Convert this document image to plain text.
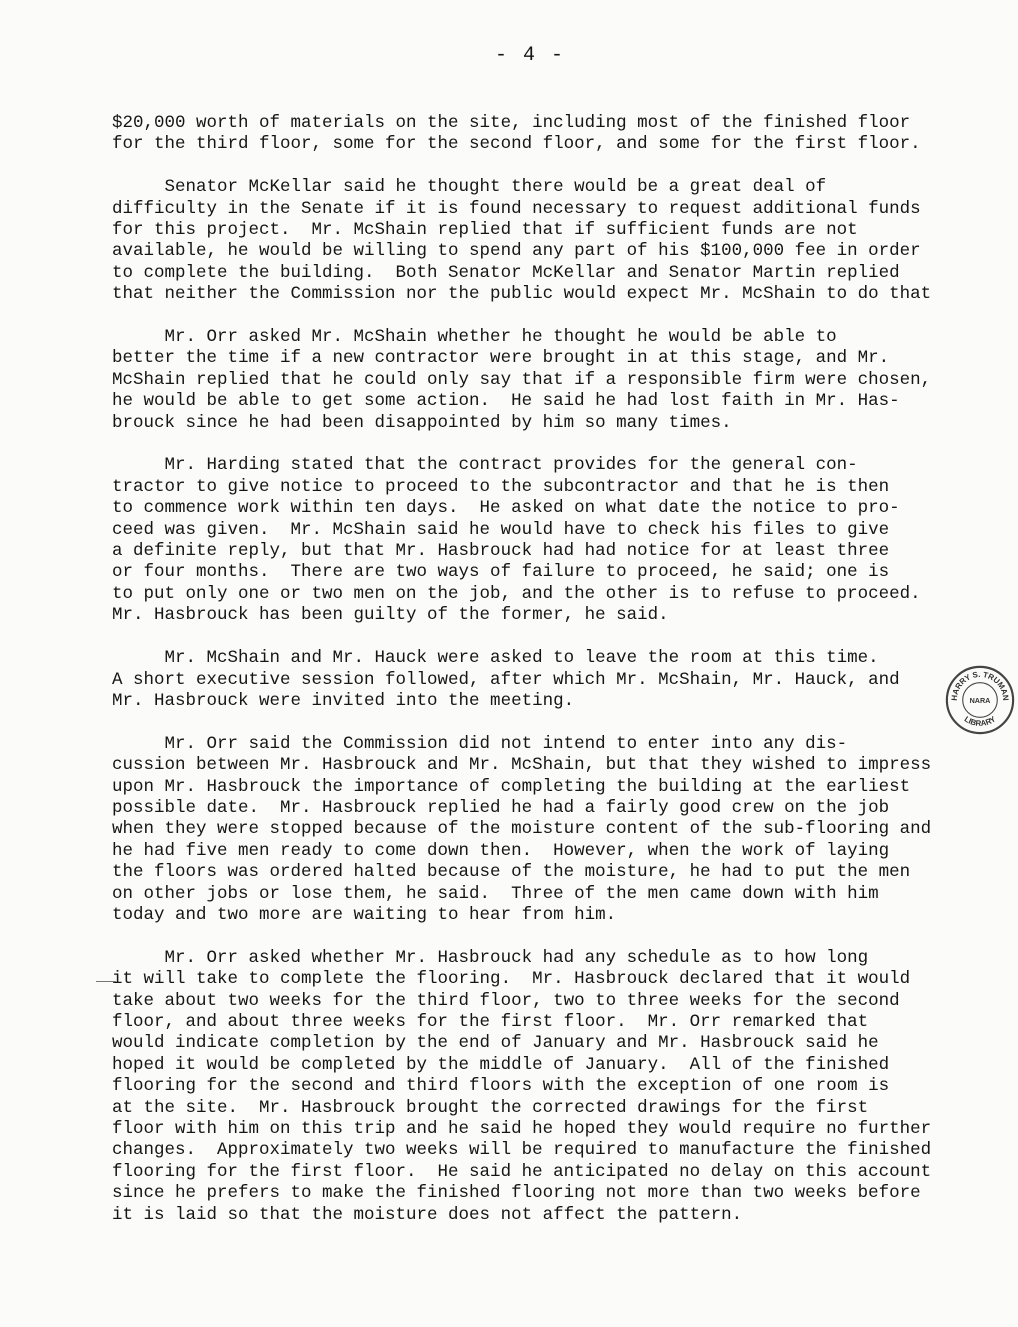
- 4 -

$20,000 worth of materials on the site, including most of the finished floor
for the third floor, some for the second floor, and some for the first floor.

Senator McKellar said he thought there would be a great deal of
difficulty in the Senate if it is found necessary to request additional funds
for this project.  Mr. McShain replied that if sufficient funds are not
available, he would be willing to spend any part of his $100,000 fee in order
to complete the building.  Both Senator McKellar and Senator Martin replied
that neither the Commission nor the public would expect Mr. McShain to do that

Mr. Orr asked Mr. McShain whether he thought he would be able to
better the time if a new contractor were brought in at this stage, and Mr.
McShain replied that he could only say that if a responsible firm were chosen,
he would be able to get some action.  He said he had lost faith in Mr. Has-
brouck since he had been disappointed by him so many times.

Mr. Harding stated that the contract provides for the general con-
tractor to give notice to proceed to the subcontractor and that he is then
to commence work within ten days.  He asked on what date the notice to pro-
ceed was given.  Mr. McShain said he would have to check his files to give
a definite reply, but that Mr. Hasbrouck had had notice for at least three
or four months.  There are two ways of failure to proceed, he said; one is
to put only one or two men on the job, and the other is to refuse to proceed.
Mr. Hasbrouck has been guilty of the former, he said.

Mr. McShain and Mr. Hauck were asked to leave the room at this time.
A short executive session followed, after which Mr. McShain, Mr. Hauck, and
Mr. Hasbrouck were invited into the meeting.

Mr. Orr said the Commission did not intend to enter into any dis-
cussion between Mr. Hasbrouck and Mr. McShain, but that they wished to impress
upon Mr. Hasbrouck the importance of completing the building at the earliest
possible date.  Mr. Hasbrouck replied he had a fairly good crew on the job
when they were stopped because of the moisture content of the sub-flooring and
he had five men ready to come down then.  However, when the work of laying
the floors was ordered halted because of the moisture, he had to put the men
on other jobs or lose them, he said.  Three of the men came down with him
today and two more are waiting to hear from him.

Mr. Orr asked whether Mr. Hasbrouck had any schedule as to how long
it will take to complete the flooring.  Mr. Hasbrouck declared that it would
take about two weeks for the third floor, two to three weeks for the second
floor, and about three weeks for the first floor.  Mr. Orr remarked that
would indicate completion by the end of January and Mr. Hasbrouck said he
hoped it would be completed by the middle of January.  All of the finished
flooring for the second and third floors with the exception of one room is
at the site.  Mr. Hasbrouck brought the corrected drawings for the first
floor with him on this trip and he said he hoped they would require no further
changes.  Approximately two weeks will be required to manufacture the finished
flooring for the first floor.  He said he anticipated no delay on this account
since he prefers to make the finished flooring not more than two weeks before
it is laid so that the moisture does not affect the pattern.

HARRY S. TRUMAN
LIBRARY
NARA
